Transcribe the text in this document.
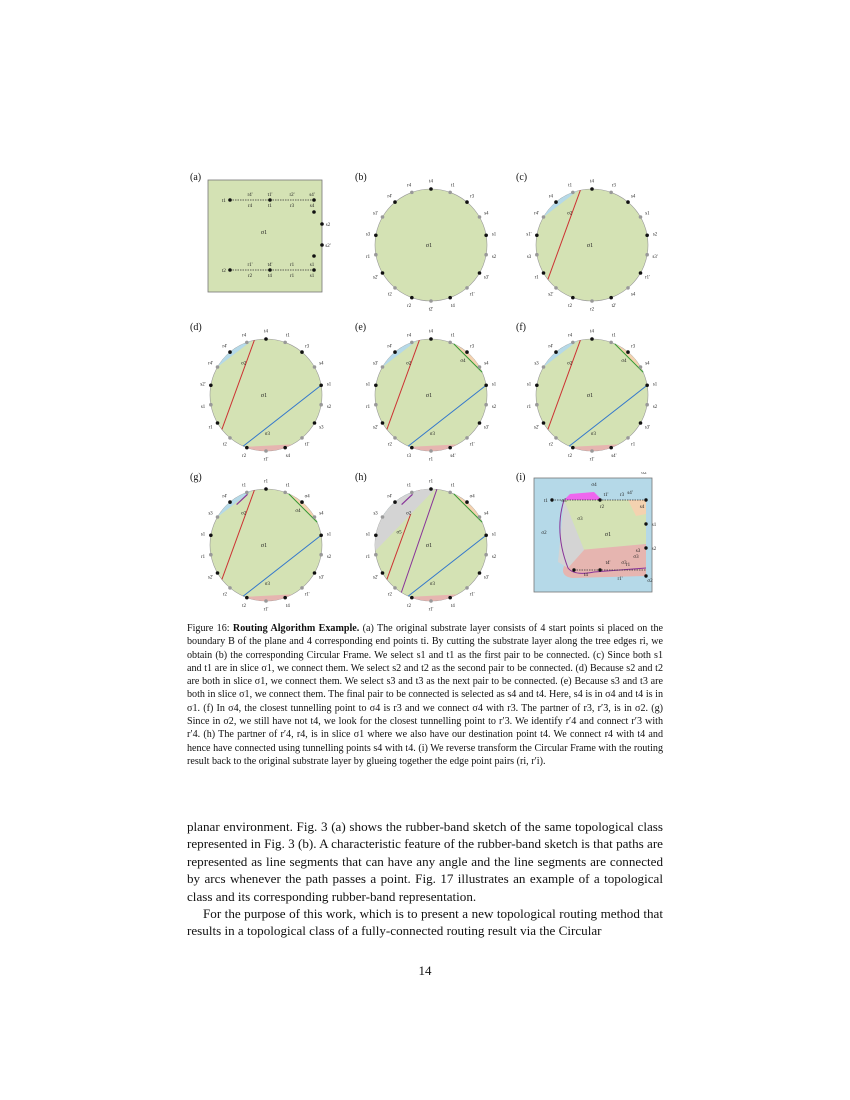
(a)
r4'	t1'	r2'	s4'
r4	t1	r3	s4
r1'	t4'	r1	s1
r2	t4	r1	s1
t1
t2
s2
s2'
σ1
(b)	t4
t1
r3
s4
s1
s2
s3'
r1'
t4
t2'
r2
t2
s2'
r1
s3
s1'
r4'
r4
σ1
(c)	t4
r3
s4
s1
s2
s3'
r1'
s4
t2'
r2
t2
s2'
r1
s3
s1'
r4'
r4
t1
σ1
σ2
(d)	t4
t1
r3
s4
s1
s2
s3
t1'
s4
r1'
r2
t2
r1
s1
s2'
r4'
r4'
r4
σ1
σ2
σ3
(e)	t4
t1
r3
s4
s1
s2
s3'
r1'
s4'
r1
t3
r2
s2'
r1
s1
s3'
r4'
r4
σ1
σ2
σ3
σ4
(f)	t4
t1
r3
s4
s1
s2
s3'
r1
s4'
r1'
t2
r2
s2'
r1
s1
s3
r4'
r4
σ1
σ2
σ3
σ4
(g)	r1
t1
σ4
s4
s1
s2
s3'
r1'
t4
r1'
t2
r2
s2'
r1
s1
s3
r4'
t1
σ1
σ2
σ3
σ4
(h)	r1
t1
σ4
s4
s1
s2
s3'
r1'
t4
r1'
t2
r2
s2'
r1
s1
s3
r4'
t1
σ1
σ2
σ3
σ5
(i)	σ2
σ3
σ4
σ5
σ2
σ3
t1
t1'
r2
r3 s4'
s4
s1
s2
s3
r1
r1'
t4
t4'
σ3
σ2
σ1
Figure 16: Routing Algorithm Example. (a) The original substrate layer consists of 4 start points si placed on the boundary B of the plane and 4 corresponding end points ti. By cutting the substrate layer along the tree edges ri, we obtain (b) the corresponding Circular Frame. We select s1 and t1 as the first pair to be connected. (c) Since both s1 and t1 are in slice σ1, we connect them. We select s2 and t2 as the second pair to be connected. (d) Because s2 and t2 are both in slice σ1, we connect them. We select s3 and t3 as the next pair to be connected. (e) Because s3 and t3 are both in slice σ1, we connect them. The final pair to be connected is selected as s4 and t4. Here, s4 is in σ4 and t4 is in σ1. (f) In σ4, the closest tunnelling point to σ4 is r3 and we connect σ4 with r3. The partner of r3, r′3, is in σ2. (g) Since in σ2, we still have not t4, we look for the closest tunnelling point to r′3. We identify r′4 and connect r′3 with r′4. (h) The partner of r′4, r4, is in slice σ1 where we also have our destination point t4. We connect r4 with t4 and hence have connected using tunnelling points s4 with t4. (i) We reverse transform the Circular Frame with the routing result back to the original substrate layer by glueing together the edge point pairs (ri, r′i).

planar environment. Fig. 3 (a) shows the rubber-band sketch of the same topological class represented in Fig. 3 (b). A characteristic feature of the rubber-band sketch is that paths are represented as line segments that can have any angle and the line segments are connected by arcs whenever the path passes a point. Fig. 17 illustrates an example of a topological class and its corresponding rubber-band representation.

For the purpose of this work, which is to present a new topological routing method that results in a topological class of a fully-connected routing result via the Circular

14
